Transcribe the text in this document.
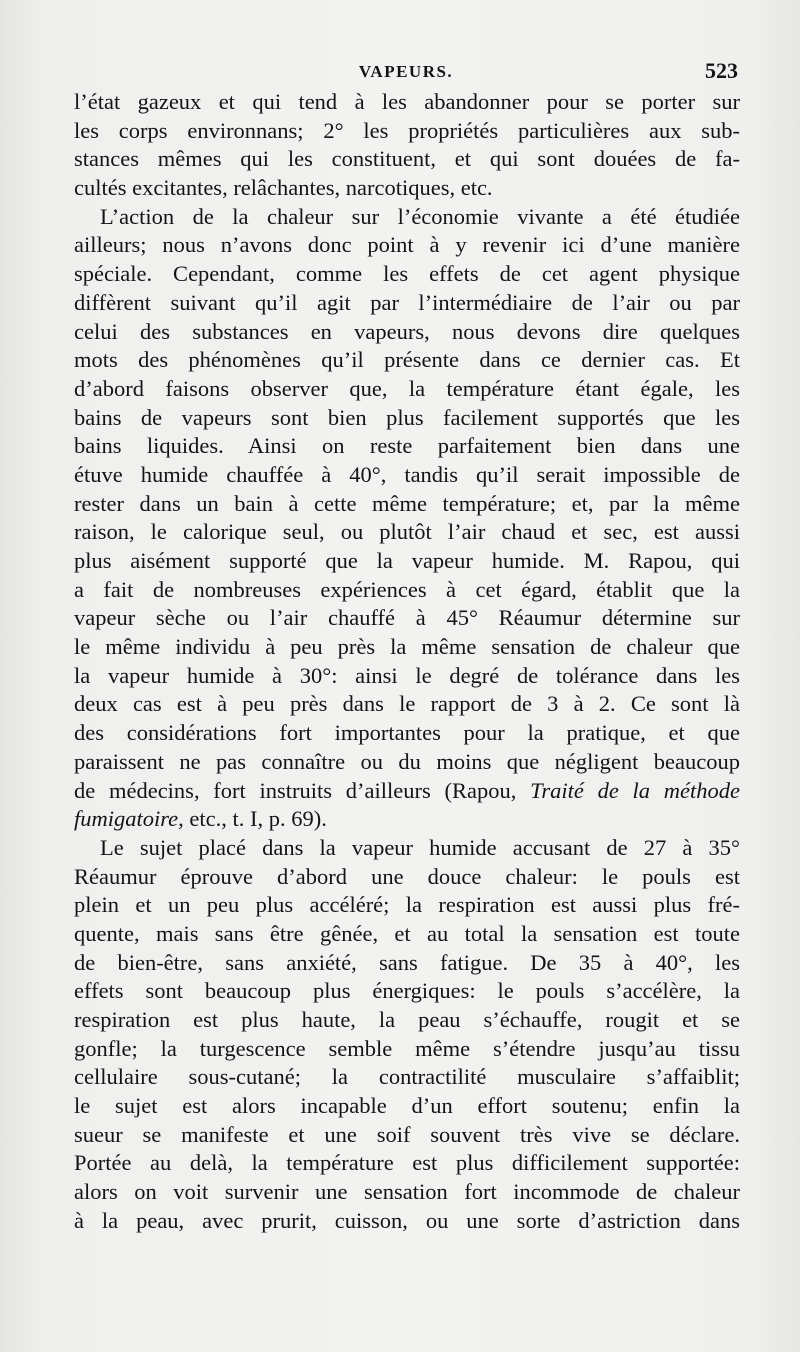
VAPEURS.	523
l’état gazeux et qui tend à les abandonner pour se porter sur
les corps environnans; 2° les propriétés particulières aux sub-
stances mêmes qui les constituent, et qui sont douées de fa-
cultés excitantes, relâchantes, narcotiques, etc.
L’action de la chaleur sur l’économie vivante a été étudiée
ailleurs; nous n’avons donc point à y revenir ici d’une manière
spéciale. Cependant, comme les effets de cet agent physique
diffèrent suivant qu’il agit par l’intermédiaire de l’air ou par
celui des substances en vapeurs, nous devons dire quelques
mots des phénomènes qu’il présente dans ce dernier cas. Et
d’abord faisons observer que, la température étant égale, les
bains de vapeurs sont bien plus facilement supportés que les
bains liquides. Ainsi on reste parfaitement bien dans une
étuve humide chauffée à 40°, tandis qu’il serait impossible de
rester dans un bain à cette même température; et, par la même
raison, le calorique seul, ou plutôt l’air chaud et sec, est aussi
plus aisément supporté que la vapeur humide. M. Rapou, qui
a fait de nombreuses expériences à cet égard, établit que la
vapeur sèche ou l’air chauffé à 45° Réaumur détermine sur
le même individu à peu près la même sensation de chaleur que
la vapeur humide à 30°: ainsi le degré de tolérance dans les
deux cas est à peu près dans le rapport de 3 à 2. Ce sont là
des considérations fort importantes pour la pratique, et que
paraissent ne pas connaître ou du moins que négligent beaucoup
de médecins, fort instruits d’ailleurs (Rapou, Traité de la méthode
fumigatoire, etc., t. I, p. 69).
Le sujet placé dans la vapeur humide accusant de 27 à 35°
Réaumur éprouve d’abord une douce chaleur: le pouls est
plein et un peu plus accéléré; la respiration est aussi plus fré-
quente, mais sans être gênée, et au total la sensation est toute
de bien-être, sans anxiété, sans fatigue. De 35 à 40°, les
effets sont beaucoup plus énergiques: le pouls s’accélère, la
respiration est plus haute, la peau s’échauffe, rougit et se
gonfle; la turgescence semble même s’étendre jusqu’au tissu
cellulaire sous-cutané; la contractilité musculaire s’affaiblit;
le sujet est alors incapable d’un effort soutenu; enfin la
sueur se manifeste et une soif souvent très vive se déclare.
Portée au delà, la température est plus difficilement supportée:
alors on voit survenir une sensation fort incommode de chaleur
à la peau, avec prurit, cuisson, ou une sorte d’astriction dans
